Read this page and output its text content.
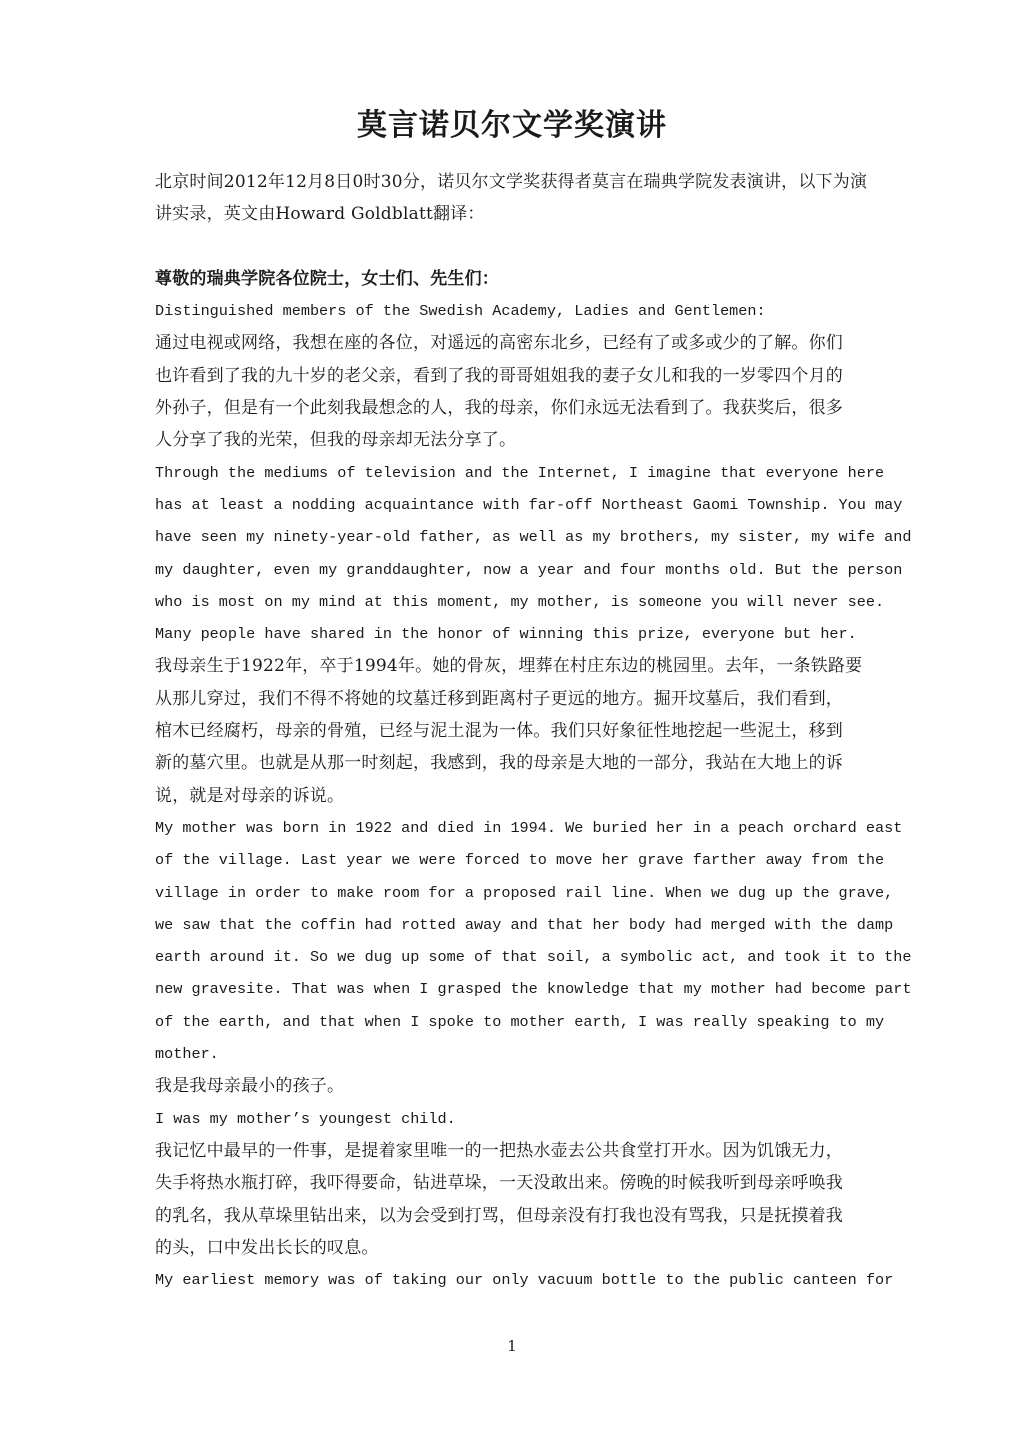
莫言诺贝尔文学奖演讲
北京时间2012年12月8日0时30分，诺贝尔文学奖获得者莫言在瑞典学院发表演讲，以下为演
讲实录，英文由Howard Goldblatt翻译：
尊敬的瑞典学院各位院士，女士们、先生们：
Distinguished members of the Swedish Academy, Ladies and Gentlemen:
通过电视或网络，我想在座的各位，对遥远的高密东北乡，已经有了或多或少的了解。你们
也许看到了我的九十岁的老父亲，看到了我的哥哥姐姐我的妻子女儿和我的一岁零四个月的
外孙子，但是有一个此刻我最想念的人，我的母亲，你们永远无法看到了。我获奖后，很多
人分享了我的光荣，但我的母亲却无法分享了。
Through the mediums of television and the Internet, I imagine that everyone here
has at least a nodding acquaintance with far-off Northeast Gaomi Township. You may
have seen my ninety-year-old father, as well as my brothers, my sister, my wife and
my daughter, even my granddaughter, now a year and four months old. But the person
who is most on my mind at this moment, my mother, is someone you will never see.
Many people have shared in the honor of winning this prize, everyone but her.
我母亲生于1922年，卒于1994年。她的骨灰，埋葬在村庄东边的桃园里。去年，一条铁路要
从那儿穿过，我们不得不将她的坟墓迁移到距离村子更远的地方。掘开坟墓后，我们看到，
棺木已经腐朽，母亲的骨殖，已经与泥土混为一体。我们只好象征性地挖起一些泥土，移到
新的墓穴里。也就是从那一时刻起，我感到，我的母亲是大地的一部分，我站在大地上的诉
说，就是对母亲的诉说。
My mother was born in 1922 and died in 1994. We buried her in a peach orchard east
of the village. Last year we were forced to move her grave farther away from the
village in order to make room for a proposed rail line. When we dug up the grave,
we saw that the coffin had rotted away and that her body had merged with the damp
earth around it. So we dug up some of that soil, a symbolic act, and took it to the
new gravesite. That was when I grasped the knowledge that my mother had become part
of the earth, and that when I spoke to mother earth, I was really speaking to my
mother.
我是我母亲最小的孩子。
I was my mother’s youngest child.
我记忆中最早的一件事，是提着家里唯一的一把热水壶去公共食堂打开水。因为饥饿无力，
失手将热水瓶打碎，我吓得要命，钻进草垛，一天没敢出来。傍晚的时候我听到母亲呼唤我
的乳名，我从草垛里钻出来，以为会受到打骂，但母亲没有打我也没有骂我，只是抚摸着我
的头，口中发出长长的叹息。
My earliest memory was of taking our only vacuum bottle to the public canteen for
1
